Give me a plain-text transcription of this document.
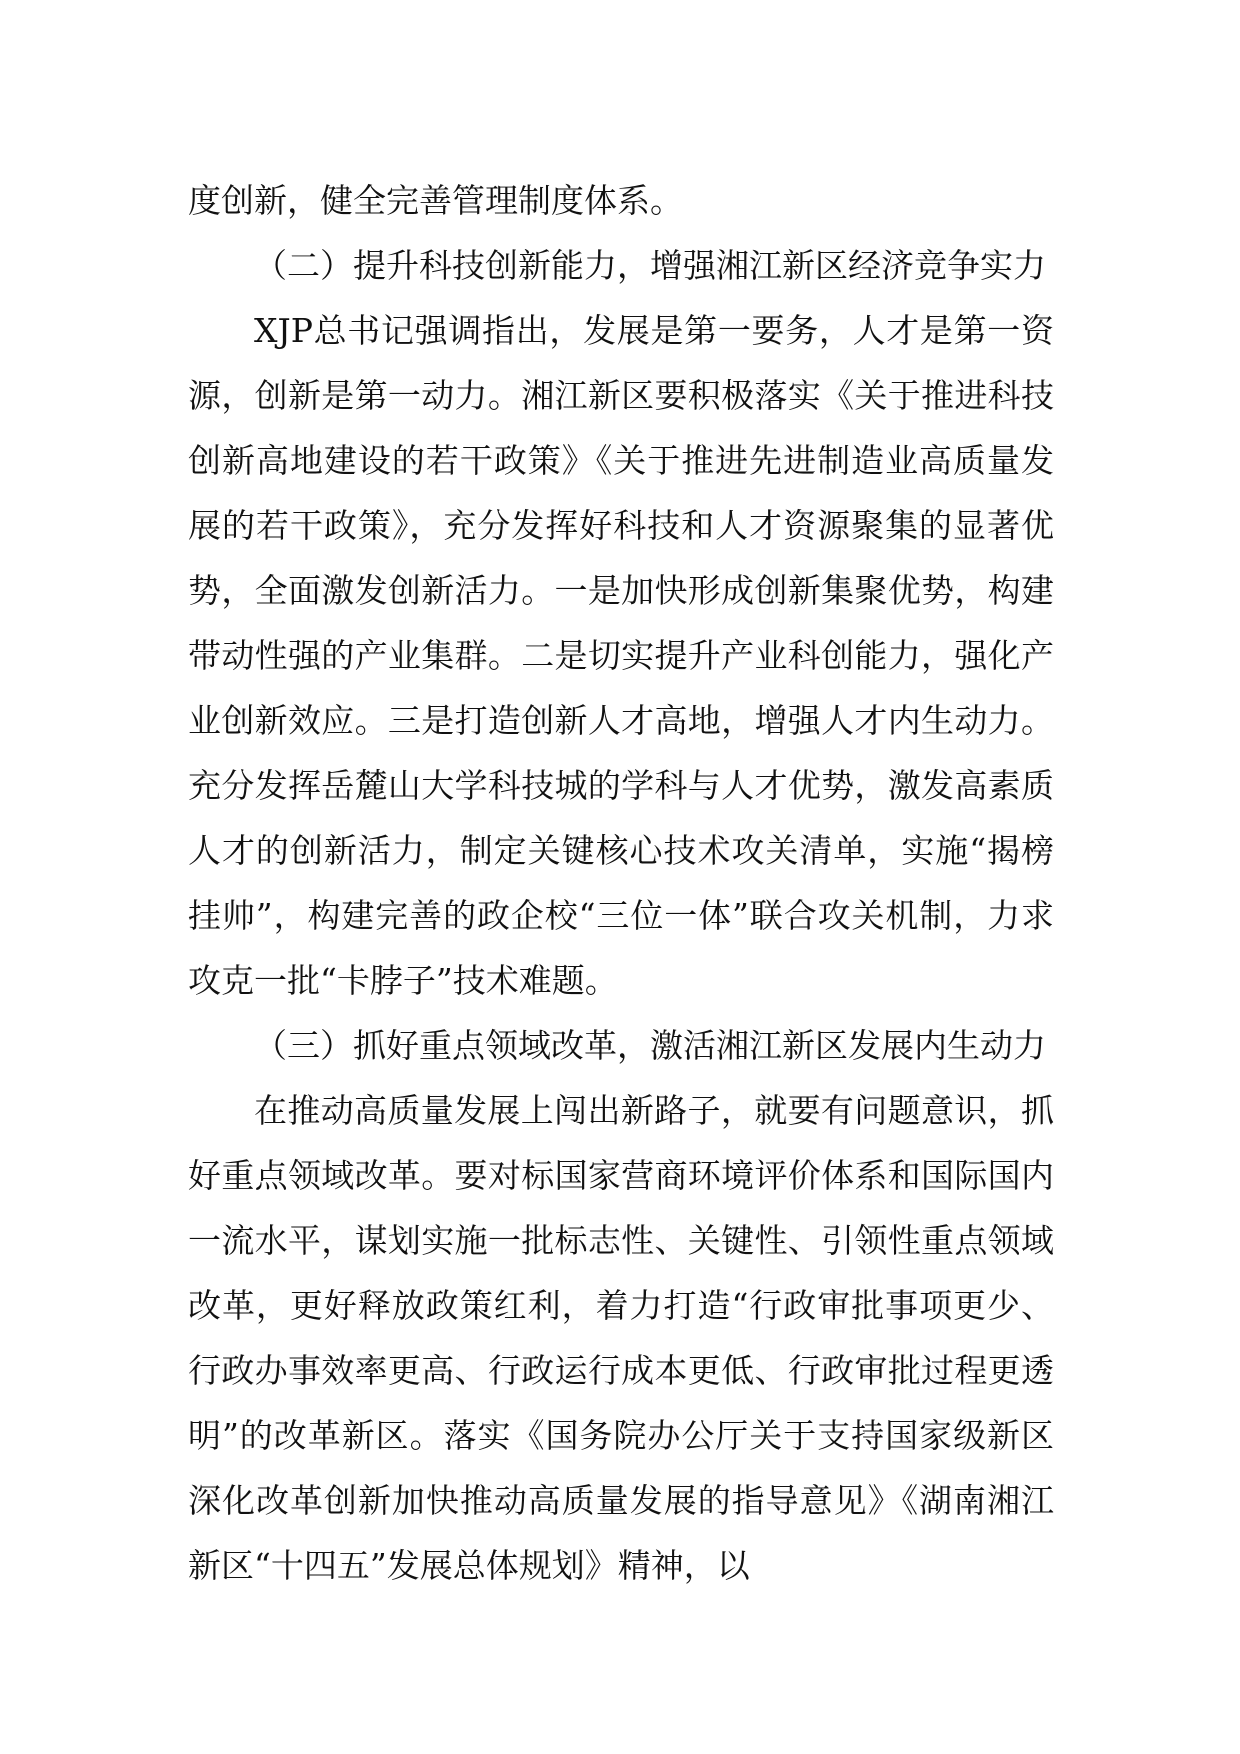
度创新，健全完善管理制度体系。

（二）提升科技创新能力，增强湘江新区经济竞争实力

XJP总书记强调指出，发展是第一要务，人才是第一资源，创新是第一动力。湘江新区要积极落实《关于推进科技创新高地建设的若干政策》《关于推进先进制造业高质量发展的若干政策》，充分发挥好科技和人才资源聚集的显著优势，全面激发创新活力。一是加快形成创新集聚优势，构建带动性强的产业集群。二是切实提升产业科创能力，强化产业创新效应。三是打造创新人才高地，增强人才内生动力。充分发挥岳麓山大学科技城的学科与人才优势，激发高素质人才的创新活力，制定关键核心技术攻关清单，实施“揭榜挂帅”，构建完善的政企校“三位一体”联合攻关机制，力求攻克一批“卡脖子”技术难题。

（三）抓好重点领域改革，激活湘江新区发展内生动力

在推动高质量发展上闯出新路子，就要有问题意识，抓好重点领域改革。要对标国家营商环境评价体系和国际国内一流水平，谋划实施一批标志性、关键性、引领性重点领域改革，更好释放政策红利，着力打造“行政审批事项更少、行政办事效率更高、行政运行成本更低、行政审批过程更透明”的改革新区。落实《国务院办公厅关于支持国家级新区深化改革创新加快推动高质量发展的指导意见》《湖南湘江新区“十四五”发展总体规划》精神，以
